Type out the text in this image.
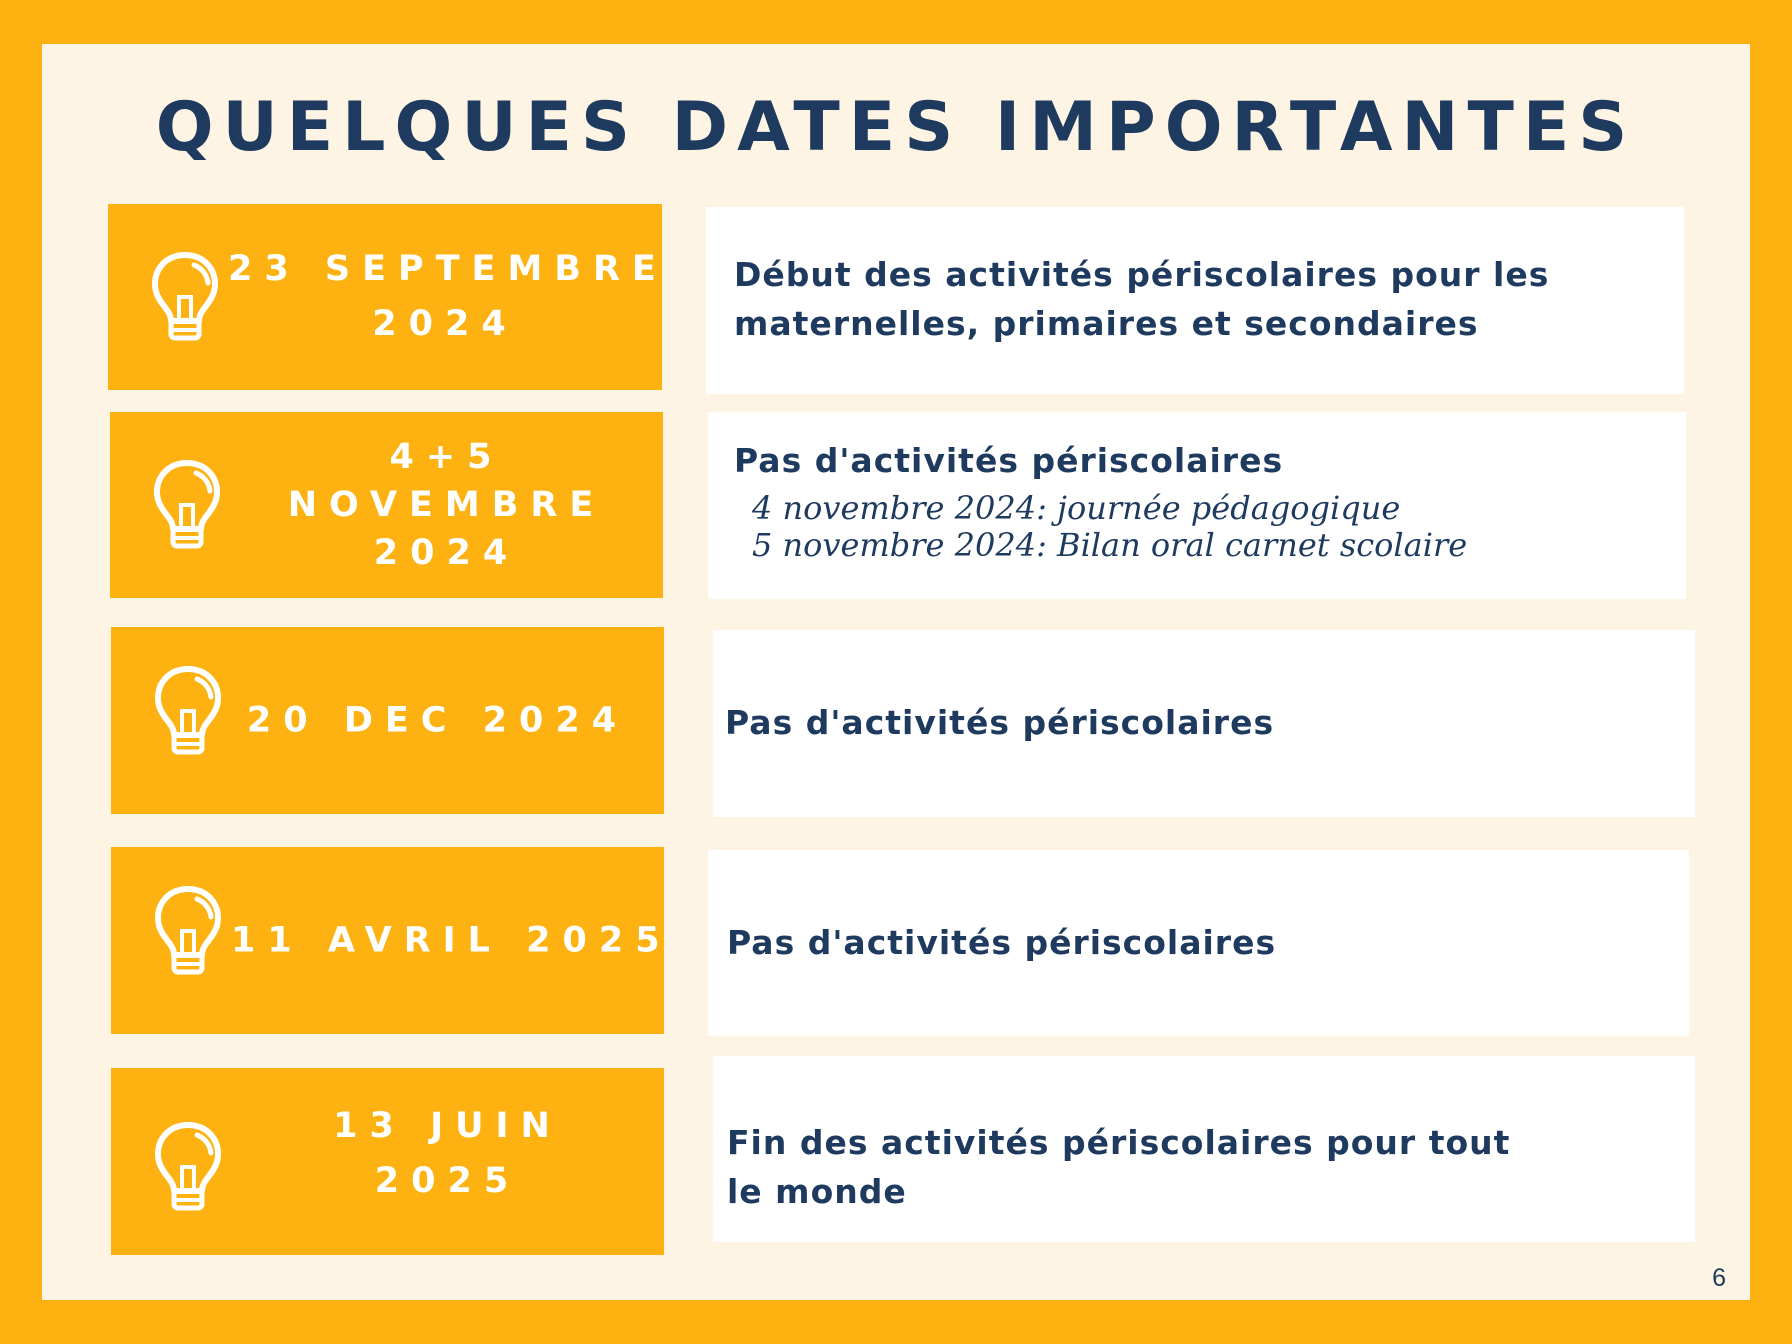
QUELQUES DATES IMPORTANTES
23 SEPTEMBRE
2024
Début des activités périscolaires pour les maternelles, primaires et secondaires
4+5
NOVEMBRE
2024
Pas d'activités périscolaires
4 novembre 2024: journée pédagogique
5 novembre 2024: Bilan oral carnet scolaire
20 DEC 2024	Pas d'activités périscolaires
11 AVRIL 2025 Pas d'activités périscolaires
13 JUIN
2025
Fin des activités périscolaires pour tout le monde
6
